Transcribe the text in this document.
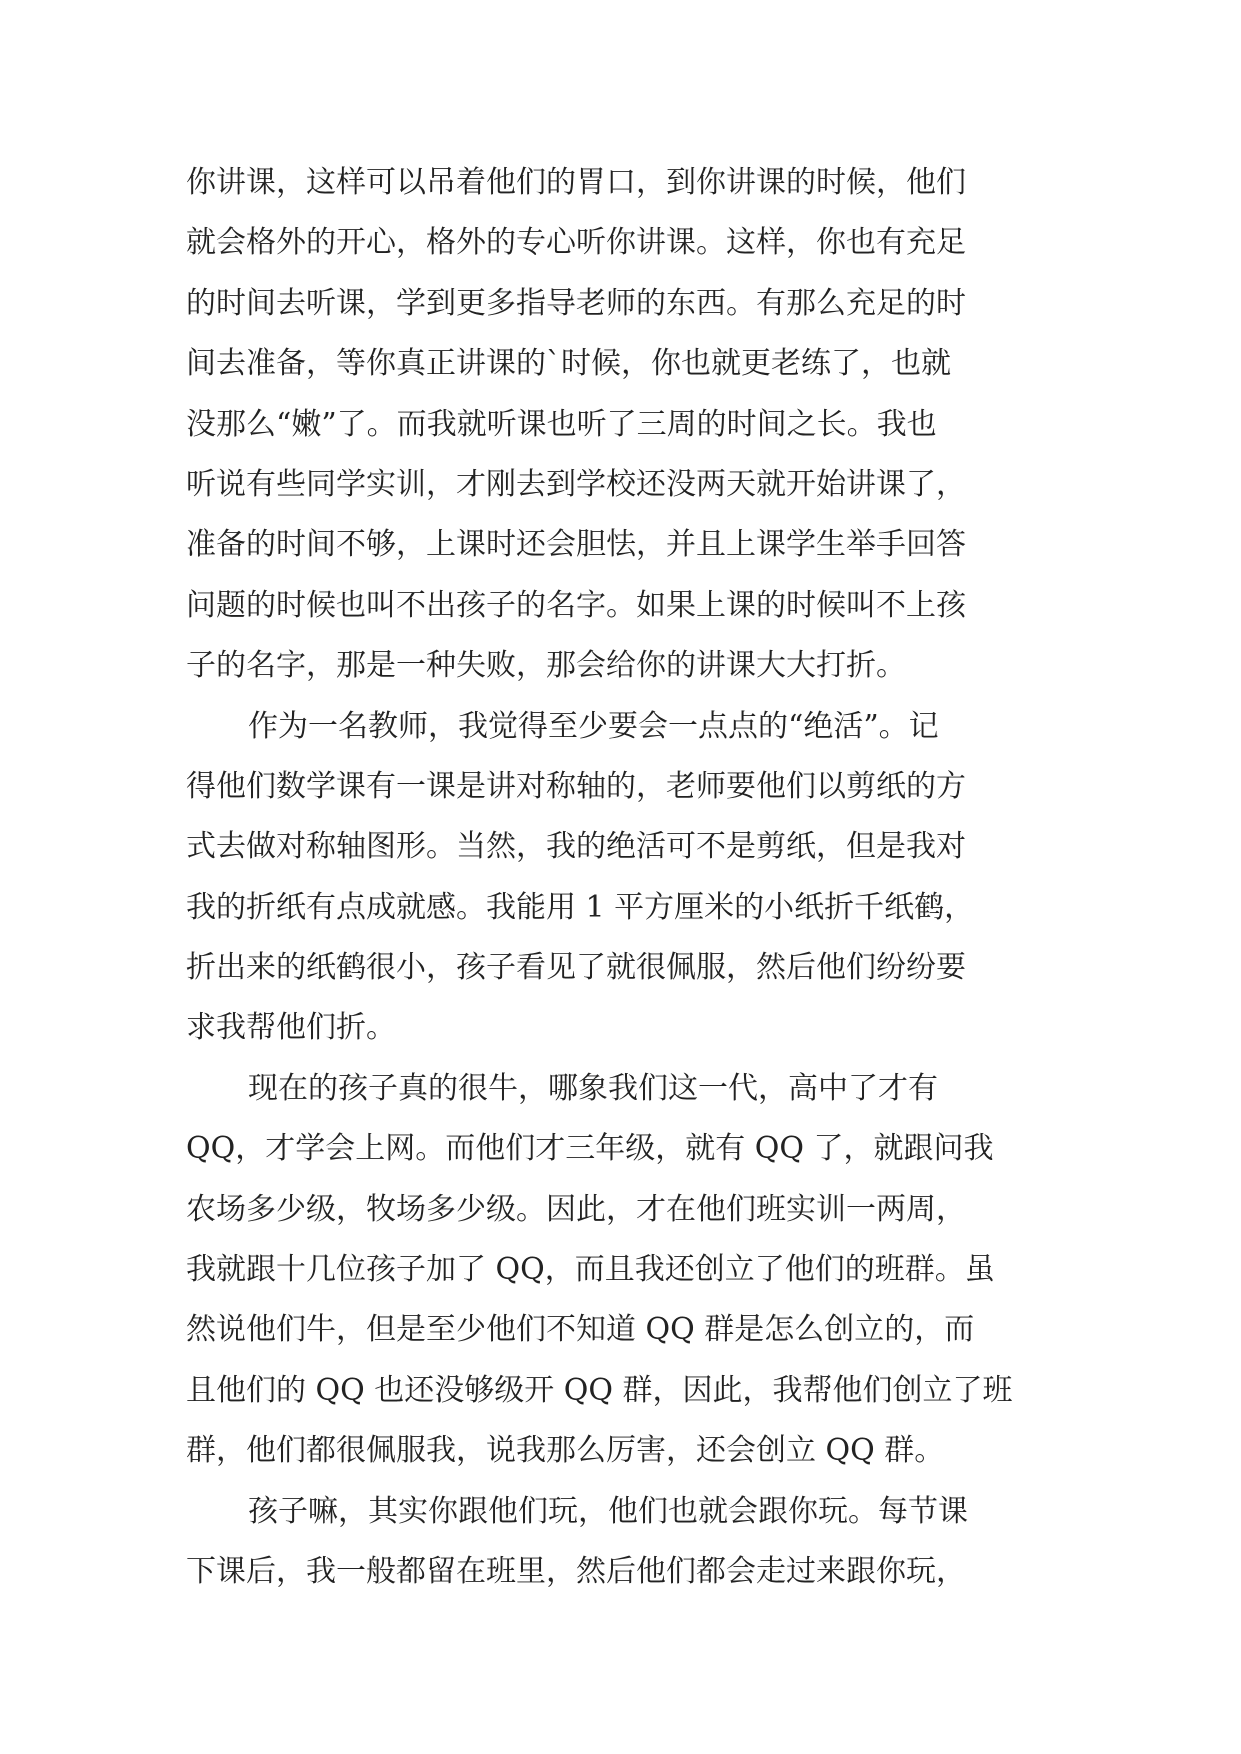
你讲课，这样可以吊着他们的胃口，到你讲课的时候，他们
就会格外的开心，格外的专心听你讲课。这样，你也有充足
的时间去听课，学到更多指导老师的东西。有那么充足的时
间去准备，等你真正讲课的`时候，你也就更老练了，也就
没那么“嫩”了。而我就听课也听了三周的时间之长。我也
听说有些同学实训，才刚去到学校还没两天就开始讲课了，
准备的时间不够，上课时还会胆怯，并且上课学生举手回答
问题的时候也叫不出孩子的名字。如果上课的时候叫不上孩
子的名字，那是一种失败，那会给你的讲课大大打折。
作为一名教师，我觉得至少要会一点点的“绝活”。记
得他们数学课有一课是讲对称轴的，老师要他们以剪纸的方
式去做对称轴图形。当然，我的绝活可不是剪纸，但是我对
我的折纸有点成就感。我能用 1 平方厘米的小纸折千纸鹤，
折出来的纸鹤很小，孩子看见了就很佩服，然后他们纷纷要
求我帮他们折。
现在的孩子真的很牛，哪象我们这一代，高中了才有
QQ，才学会上网。而他们才三年级，就有 QQ 了，就跟问我
农场多少级，牧场多少级。因此，才在他们班实训一两周，
我就跟十几位孩子加了 QQ，而且我还创立了他们的班群。虽
然说他们牛，但是至少他们不知道 QQ 群是怎么创立的，而
且他们的 QQ 也还没够级开 QQ 群，因此，我帮他们创立了班
群，他们都很佩服我，说我那么厉害，还会创立 QQ 群。
孩子嘛，其实你跟他们玩，他们也就会跟你玩。每节课
下课后，我一般都留在班里，然后他们都会走过来跟你玩，
